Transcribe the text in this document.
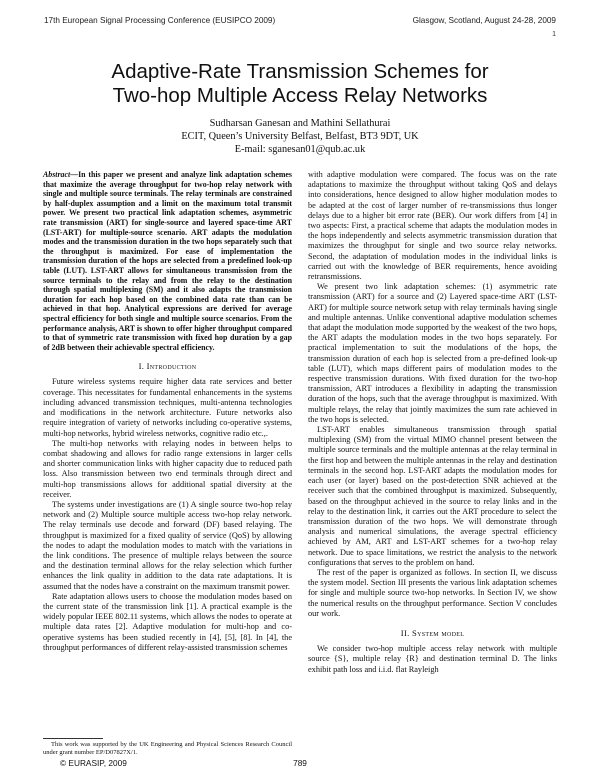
17th European Signal Processing Conference (EUSIPCO 2009)	Glasgow, Scotland, August 24-28, 2009
1
Adaptive-Rate Transmission Schemes for
Two-hop Multiple Access Relay Networks
Sudharsan Ganesan and Mathini Sellathurai
ECIT, Queen’s University Belfast, Belfast, BT3 9DT, UK
E-mail: sganesan01@qub.ac.uk

Abstract—In this paper we present and analyze link adaptation schemes that maximize the average throughput for two-hop relay network with single and multiple source terminals. The relay terminals are constrained by half-duplex assumption and a limit on the maximum total transmit power. We present two practical link adaptation schemes, asymmetric rate transmission (ART) for single-source and layered space-time ART (LST-ART) for multiple-source scenario. ART adapts the modulation modes and the transmission duration in the two hops separately such that the throughput is maximized. For ease of implementation the transmission duration of the hops are selected from a predefined look-up table (LUT). LST-ART allows for simultaneous transmission from the source terminals to the relay and from the relay to the destination through spatial multiplexing (SM) and it also adapts the transmission duration for each hop based on the combined data rate than can be achieved in that hop. Analytical expressions are derived for average spectral efficiency for both single and multiple source scenarios. From the performance analysis, ART is shown to offer higher throughput compared to that of symmetric rate transmission with fixed hop duration by a gap of 2dB between their achievable spectral efficiency.

I. Introduction

Future wireless systems require higher data rate services and better coverage. This necessitates for fundamental enhancements in the systems including advanced transmission techniques, multi-antenna technologies and modifications in the network architecture. Future networks also require integration of variety of networks including co-operative systems, multi-hop networks, hybrid wireless networks, cognitive radio etc.,.

The multi-hop networks with relaying nodes in between helps to combat shadowing and allows for radio range extensions in larger cells and shorter communication links with higher capacity due to reduced path loss. Also transmission between two end terminals through direct and multi-hop transmissions allows for additional spatial diversity at the receiver.

The systems under investigations are (1) A single source two-hop relay network and (2) Multiple source multiple access two-hop relay network. The relay terminals use decode and forward (DF) based relaying. The throughput is maximized for a fixed quality of service (QoS) by allowing the nodes to adapt the modulation modes to match with the variations in the link conditions. The presence of multiple relays between the source and the destination terminal allows for the relay selection which further enhances the link quality in addition to the data rate adaptations. It is assumed that the nodes have a constraint on the maximum transmit power.

Rate adaptation allows users to choose the modulation modes based on the current state of the transmission link [1]. A practical example is the widely popular IEEE 802.11 systems, which allows the nodes to operate at multiple data rates [2]. Adaptive modulation for multi-hop and co-operative systems has been studied recently in [4], [5], [8]. In [4], the throughput performances of different relay-assisted transmission schemes

with adaptive modulation were compared. The focus was on the rate adaptations to maximize the throughput without taking QoS and delays into considerations, hence designed to allow higher modulation modes to be adapted at the cost of larger number of re-transmissions thus longer delays due to a higher bit error rate (BER). Our work differs from [4] in two aspects: First, a practical scheme that adapts the modulation modes in the hops independently and selects asymmetric transmission duration that maximizes the throughput for single and two source relay networks. Second, the adaptation of modulation modes in the individual links is carried out with the knowledge of BER requirements, hence avoiding retransmissions.

We present two link adaptation schemes: (1) asymmetric rate transmission (ART) for a source and (2) Layered space-time ART (LST-ART) for multiple source network setup with relay terminals having single and multiple antennas. Unlike conventional adaptive modulation schemes that adapt the modulation mode supported by the weakest of the two hops, the ART adapts the modulation modes in the two hops separately. For practical implementation to suit the modulations of the hops, the transmission duration of each hop is selected from a pre-defined look-up table (LUT), which maps different pairs of modulation modes to the respective transmission durations. With fixed duration for the two-hop transmission, ART introduces a flexibility in adapting the transmission duration of the hops, such that the average throughput is maximized. With multiple relays, the relay that jointly maximizes the sum rate achieved in the two hops is selected.

LST-ART enables simultaneous transmission through spatial multiplexing (SM) from the virtual MIMO channel present between the multiple source terminals and the multiple antennas at the relay terminal in the first hop and between the multiple antennas in the relay and destination terminals in the second hop. LST-ART adapts the modulation modes for each user (or layer) based on the post-detection SNR achieved at the receiver such that the combined throughput is maximized. Subsequently, based on the throughput achieved in the source to relay links and in the relay to the destination link, it carries out the ART procedure to select the transmission duration of the two hops. We will demonstrate through analysis and numerical simulations, the average spectral efficiency achieved by AM, ART and LST-ART schemes for a two-hop relay network. Due to space limitations, we restrict the analysis to the network configurations that serves to the problem on hand.

The rest of the paper is organized as follows. In section II, we discuss the system model. Section III presents the various link adaptation schemes for single and multiple source two-hop networks. In Section IV, we show the numerical results on the throughput performance. Section V concludes our work.

II. System model

We consider two-hop multiple access relay network with multiple source {S}, multiple relay {R} and destination terminal D. The links exhibit path loss and i.i.d. flat Rayleigh

This work was supported by the UK Engineering and Physical Sciences Research Council under grant number EP/D07827X/1.
© EURASIP, 2009	789
